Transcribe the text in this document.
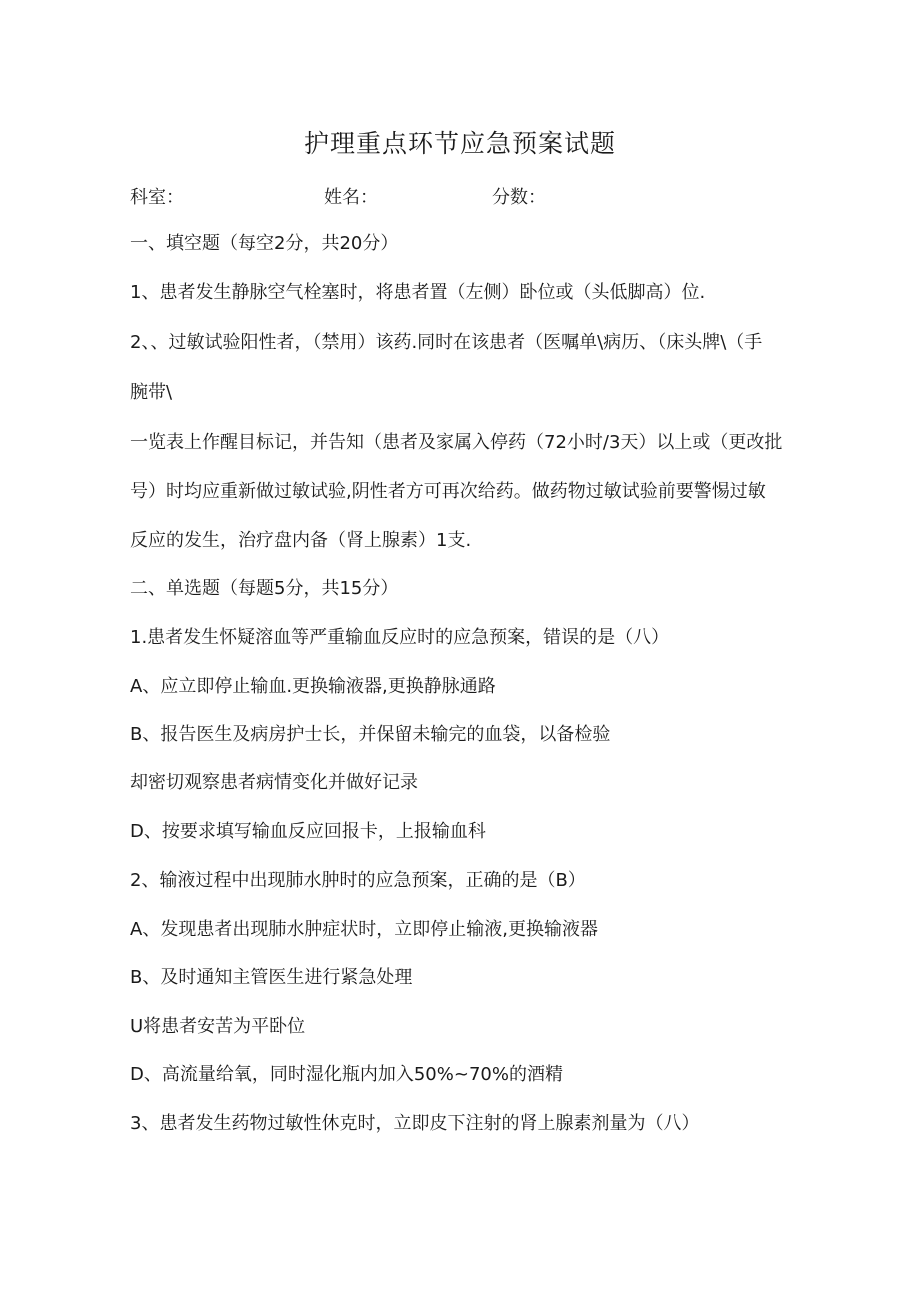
护理重点环节应急预案试题
科室：	姓名：	分数：
一、填空题（每空2分，共20分）
1、患者发生静脉空气栓塞时，将患者置（左侧）卧位或（头低脚高）位.
2、、过敏试验阳性者，（禁用）该药.同时在该患者（医嘱单\病历、（床头牌\（手
腕带\
一览表上作醒目标记，并告知（患者及家属入停药（72小时/3天）以上或（更改批
号）时均应重新做过敏试验,阴性者方可再次给药。做药物过敏试验前要警惕过敏
反应的发生，治疗盘内备（肾上腺素）1支.
二、单选题（每题5分，共15分）
1.患者发生怀疑溶血等严重输血反应时的应急预案，错误的是（八）
A、应立即停止输血.更换输液器,更换静脉通路
B、报告医生及病房护士长，并保留未输完的血袋，以备检验
却密切观察患者病情变化并做好记录
D、按要求填写输血反应回报卡，上报输血科
2、输液过程中出现肺水肿时的应急预案，正确的是（B）
A、发现患者出现肺水肿症状时，立即停止输液,更换输液器
B、及时通知主管医生进行紧急处理
U将患者安苦为平卧位
D、高流量给氧，同时湿化瓶内加入50%~70%的酒精
3、患者发生药物过敏性休克时，立即皮下注射的肾上腺素剂量为（八）
